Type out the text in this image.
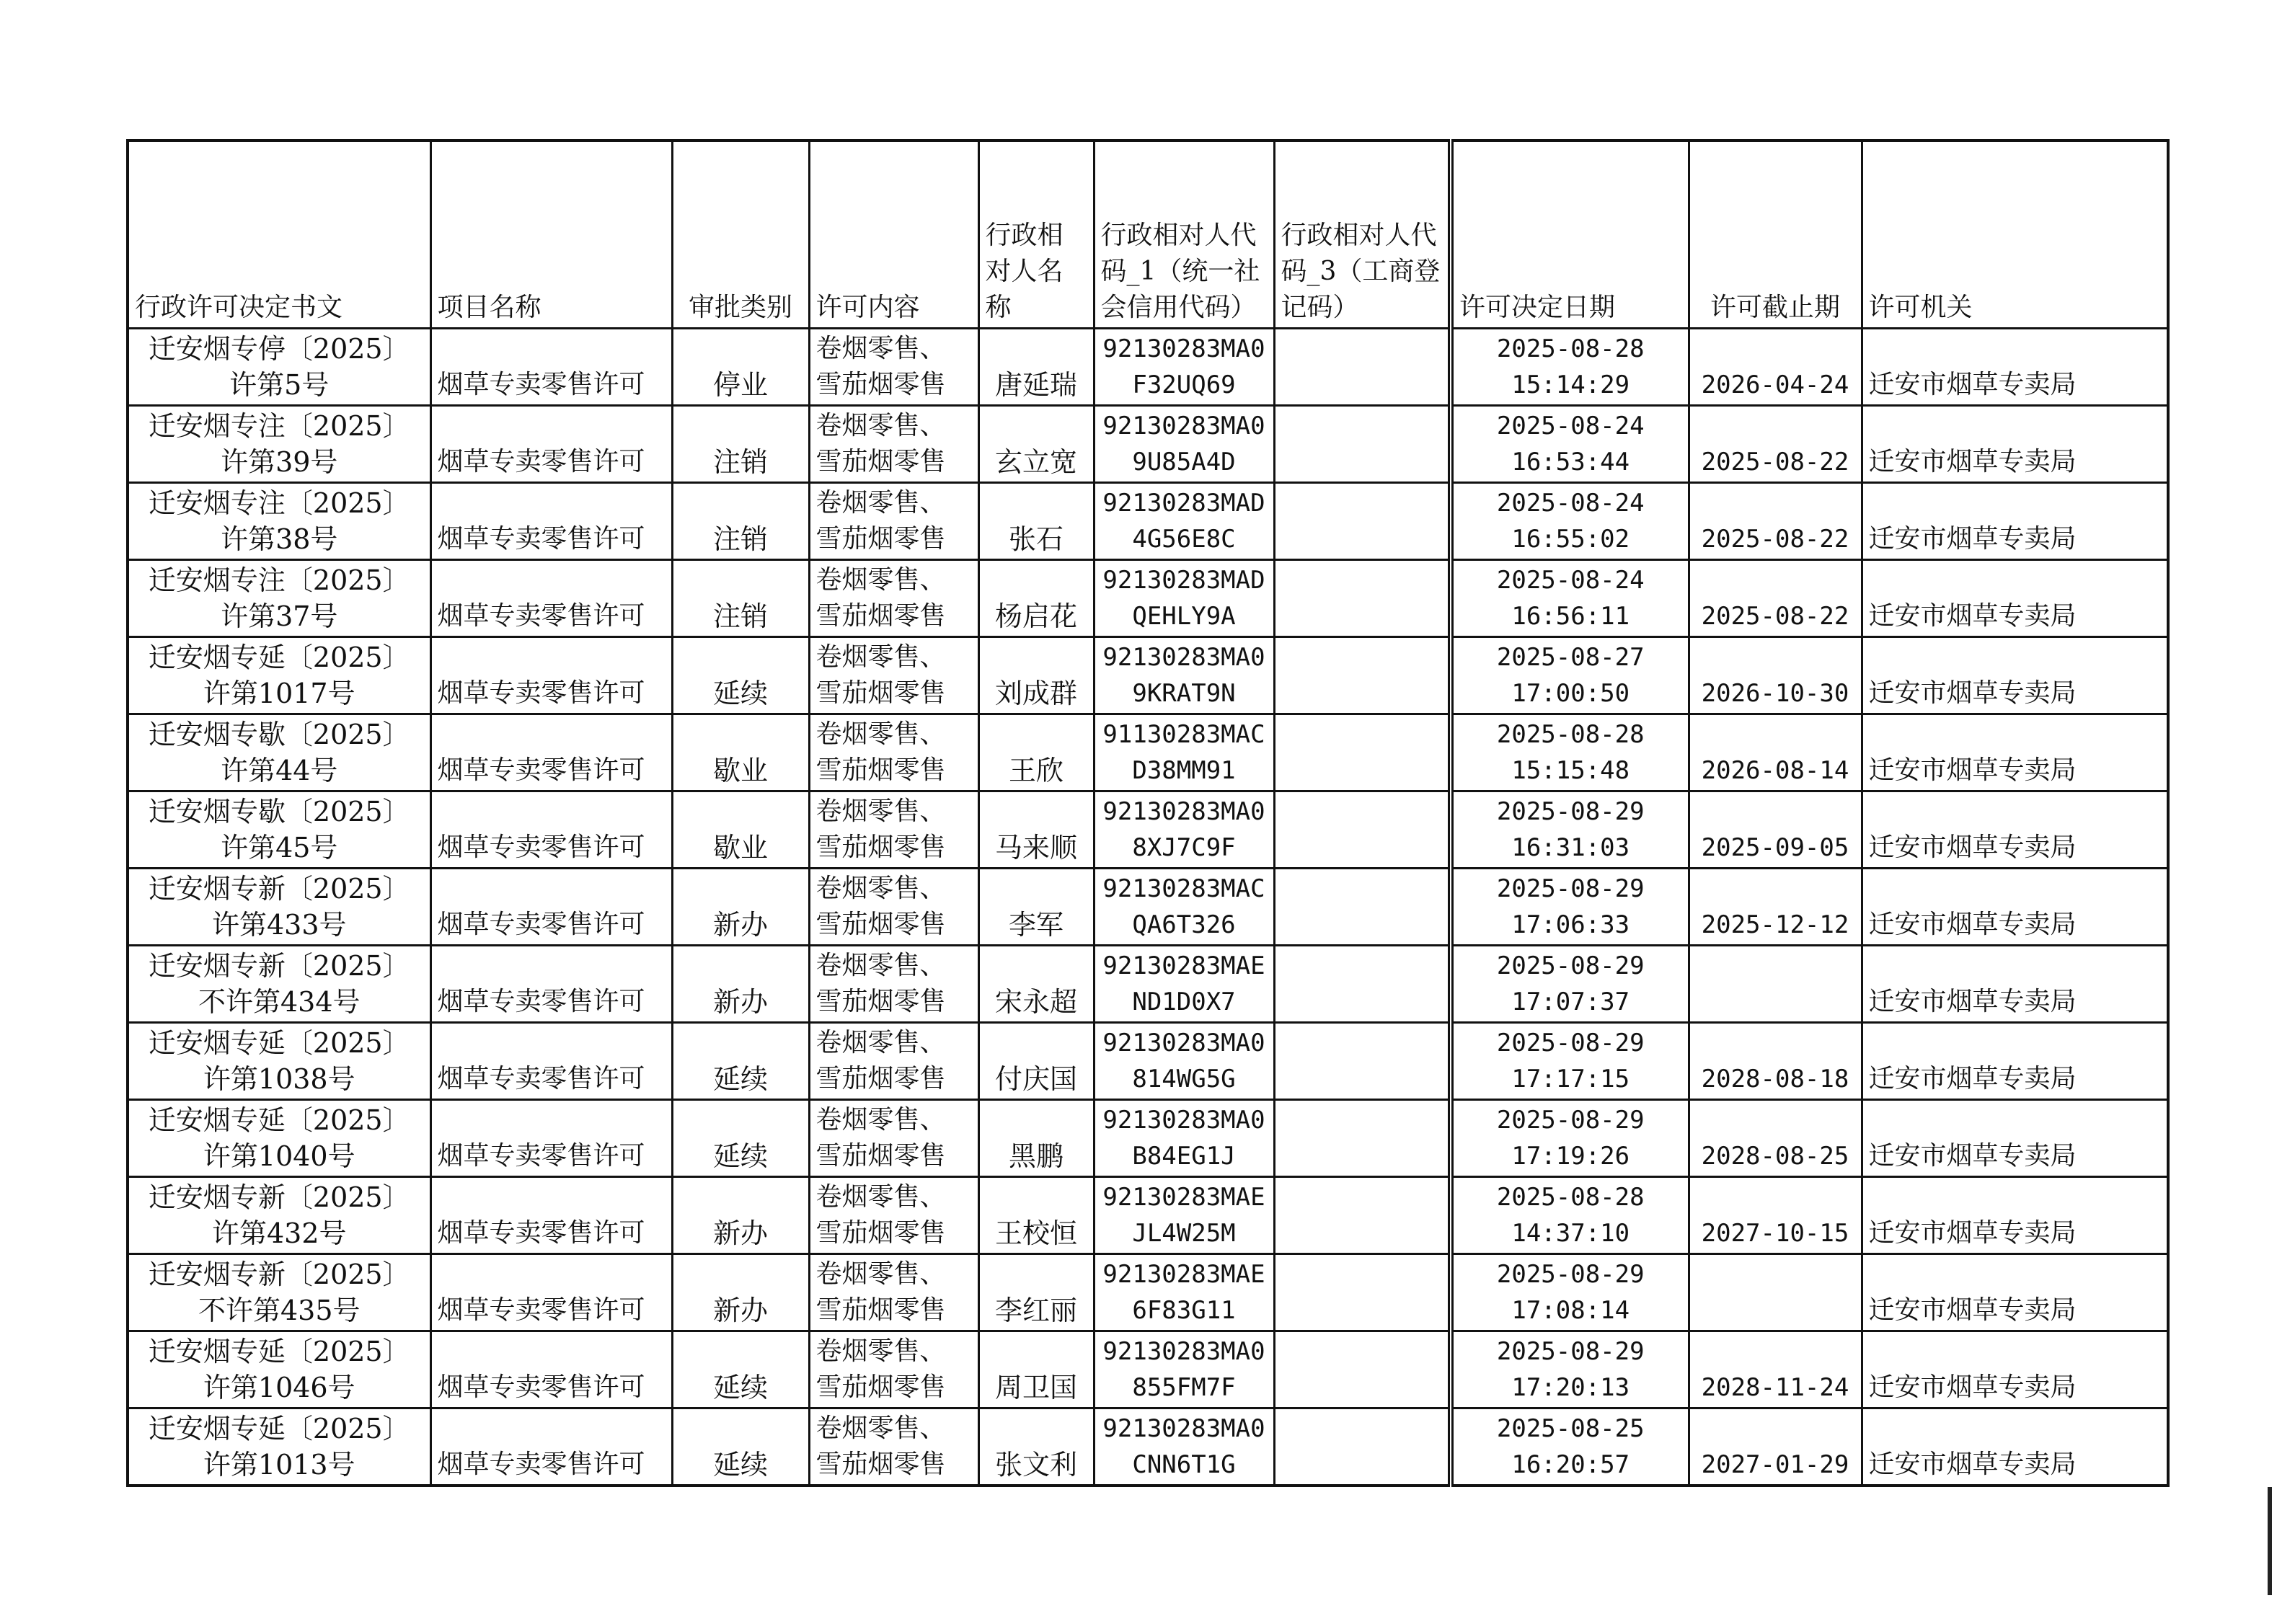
行政许可决定书文	项目名称	审批类别	许可内容	行政相对人名称	行政相对人代码_1（统一社会信用代码）	行政相对人代码_3（工商登记码）	许可决定日期	许可截止期	许可机关

迁安烟专停〔2025〕
许第5号	烟草专卖零售许可	停业	卷烟零售、
雪茄烟零售	唐延瑞	92130283MA0
F32UQ69		2025-08-28
15:14:29	2026-04-24	迁安市烟草专卖局

迁安烟专注〔2025〕
许第39号	烟草专卖零售许可	注销	卷烟零售、
雪茄烟零售	玄立宽	92130283MA0
9U85A4D		2025-08-24
16:53:44	2025-08-22	迁安市烟草专卖局

迁安烟专注〔2025〕
许第38号	烟草专卖零售许可	注销	卷烟零售、
雪茄烟零售	张石	92130283MAD
4G56E8C		2025-08-24
16:55:02	2025-08-22	迁安市烟草专卖局

迁安烟专注〔2025〕
许第37号	烟草专卖零售许可	注销	卷烟零售、
雪茄烟零售	杨启花	92130283MAD
QEHLY9A		2025-08-24
16:56:11	2025-08-22	迁安市烟草专卖局

迁安烟专延〔2025〕
许第1017号	烟草专卖零售许可	延续	卷烟零售、
雪茄烟零售	刘成群	92130283MA0
9KRAT9N		2025-08-27
17:00:50	2026-10-30	迁安市烟草专卖局

迁安烟专歇〔2025〕
许第44号	烟草专卖零售许可	歇业	卷烟零售、
雪茄烟零售	王欣	91130283MAC
D38MM91		2025-08-28
15:15:48	2026-08-14	迁安市烟草专卖局

迁安烟专歇〔2025〕
许第45号	烟草专卖零售许可	歇业	卷烟零售、
雪茄烟零售	马来顺	92130283MA0
8XJ7C9F		2025-08-29
16:31:03	2025-09-05	迁安市烟草专卖局

迁安烟专新〔2025〕
许第433号	烟草专卖零售许可	新办	卷烟零售、
雪茄烟零售	李军	92130283MAC
QA6T326		2025-08-29
17:06:33	2025-12-12	迁安市烟草专卖局

迁安烟专新〔2025〕
不许第434号	烟草专卖零售许可	新办	卷烟零售、
雪茄烟零售	宋永超	92130283MAE
ND1D0X7		2025-08-29
17:07:37		迁安市烟草专卖局

迁安烟专延〔2025〕
许第1038号	烟草专卖零售许可	延续	卷烟零售、
雪茄烟零售	付庆国	92130283MA0
814WG5G		2025-08-29
17:17:15	2028-08-18	迁安市烟草专卖局

迁安烟专延〔2025〕
许第1040号	烟草专卖零售许可	延续	卷烟零售、
雪茄烟零售	黑鹏	92130283MA0
B84EG1J		2025-08-29
17:19:26	2028-08-25	迁安市烟草专卖局

迁安烟专新〔2025〕
许第432号	烟草专卖零售许可	新办	卷烟零售、
雪茄烟零售	王校恒	92130283MAE
JL4W25M		2025-08-28
14:37:10	2027-10-15	迁安市烟草专卖局

迁安烟专新〔2025〕
不许第435号	烟草专卖零售许可	新办	卷烟零售、
雪茄烟零售	李红丽	92130283MAE
6F83G11		2025-08-29
17:08:14		迁安市烟草专卖局

迁安烟专延〔2025〕
许第1046号	烟草专卖零售许可	延续	卷烟零售、
雪茄烟零售	周卫国	92130283MA0
855FM7F		2025-08-29
17:20:13	2028-11-24	迁安市烟草专卖局

迁安烟专延〔2025〕
许第1013号	烟草专卖零售许可	延续	卷烟零售、
雪茄烟零售	张文利	92130283MA0
CNN6T1G		2025-08-25
16:20:57	2027-01-29	迁安市烟草专卖局
